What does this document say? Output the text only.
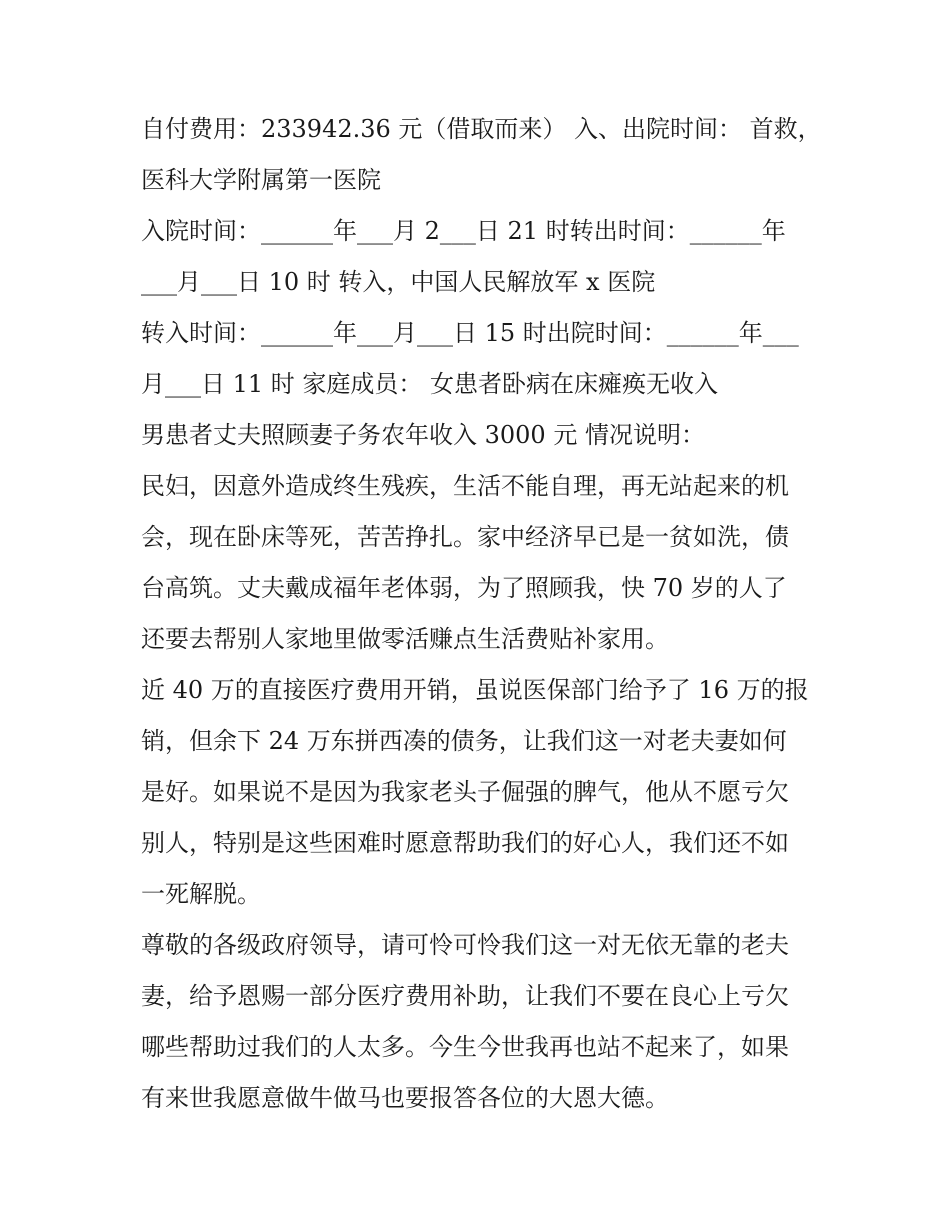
自付费用：233942.36 元（借取而来） 入、出院时间： 首救，
医科大学附属第一医院
入院时间：______年___月 2___日 21 时转出时间：______年
___月___日 10 时 转入，中国人民解放军 x 医院
转入时间：______年___月___日 15 时出院时间：______年___
月___日 11 时 家庭成员： 女患者卧病在床瘫痪无收入
男患者丈夫照顾妻子务农年收入 3000 元 情况说明：
民妇，因意外造成终生残疾，生活不能自理，再无站起来的机
会，现在卧床等死，苦苦挣扎。家中经济早已是一贫如洗，债
台高筑。丈夫戴成福年老体弱，为了照顾我，快 70 岁的人了
还要去帮别人家地里做零活赚点生活费贴补家用。
近 40 万的直接医疗费用开销，虽说医保部门给予了 16 万的报
销，但余下 24 万东拼西凑的债务，让我们这一对老夫妻如何
是好。如果说不是因为我家老头子倔强的脾气，他从不愿亏欠
别人，特别是这些困难时愿意帮助我们的好心人，我们还不如
一死解脱。
尊敬的各级政府领导，请可怜可怜我们这一对无依无靠的老夫
妻，给予恩赐一部分医疗费用补助，让我们不要在良心上亏欠
哪些帮助过我们的人太多。今生今世我再也站不起来了，如果
有来世我愿意做牛做马也要报答各位的大恩大德。
